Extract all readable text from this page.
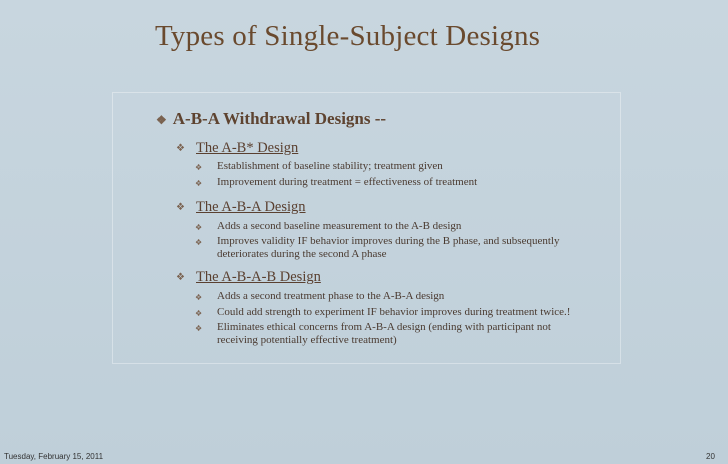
Types of Single-Subject Designs
❖ A-B-A Withdrawal Designs --
❖ The A-B* Design
❖ Establishment of baseline stability; treatment given
❖ Improvement during treatment = effectiveness of treatment
❖ The A-B-A Design
❖ Adds a second baseline measurement to the A-B design
❖ Improves validity IF behavior improves during the B phase, and subsequently deteriorates during the second A phase
❖ The A-B-A-B Design
❖ Adds a second treatment phase to the A-B-A design
❖ Could add strength to experiment IF behavior improves during treatment twice.!
❖ Eliminates ethical concerns from A-B-A design (ending with participant not receiving potentially effective treatment)
Tuesday, February 15, 2011	20
